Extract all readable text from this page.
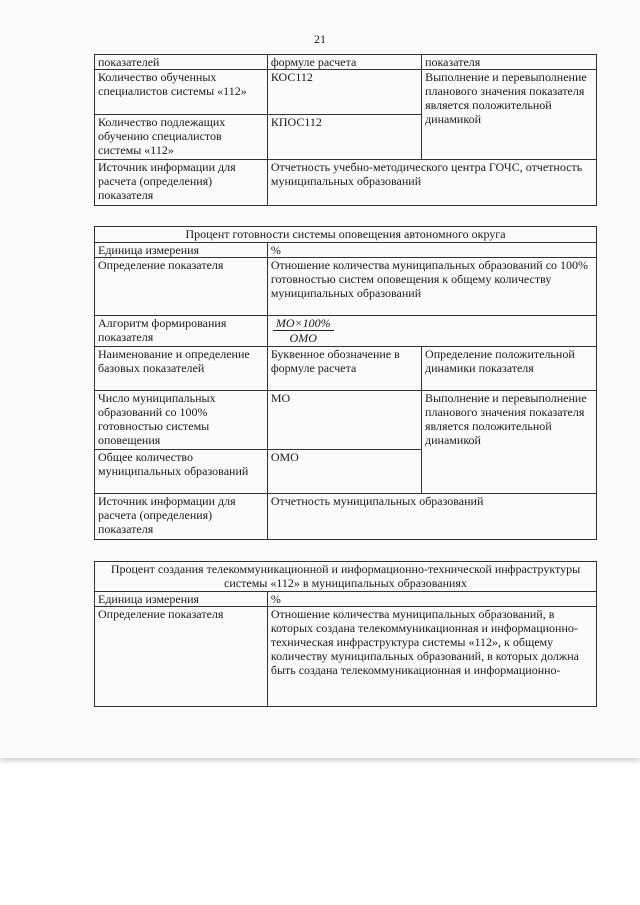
21
показателей	формуле расчета	показателя
Количество обученных специалистов системы «112»	КОС112	Выполнение и перевыполнение планового значения показателя является положительной динамикой
Количество подлежащих обучению специалистов системы «112»	КПОС112	
Источник информации для расчета (определения) показателя	Отчетность учебно-методического центра ГОЧС, отчетность муниципальных образований	
Процент готовности системы оповещения автономного округа		
Единица измерения	%	
Определение показателя	Отношение количества муниципальных образований со 100% готовностью систем оповещения к общему количеству муниципальных образований	
Алгоритм формирования показателя	$\frac{МО\times 100\%}{\text{ОМО}}$

Наименование и определение базовых показателей	Буквенное обозначение в формуле расчета	Определение положительной динамики показателя
Число муниципальных образований со 100% готовностью системы оповещения	МО	Выполнение и перевыполнение планового значения показателя является положительной динамикой
Общее количество муниципальных образований	ОМО	
Источник информации для расчета (определения) показателя	Отчетность муниципальных образований	
Процент создания телекоммуникационной и информационно-технической инфраструктуры системы «112» в муниципальных образованиях	
Единица измерения	%
Определение показателя	Отношение количества муниципальных образований, в которых создана телекоммуникационная и информационно-техническая инфраструктура системы «112», к общему количеству муниципальных образований, в которых должна быть создана телекоммуникационная и информационно-
